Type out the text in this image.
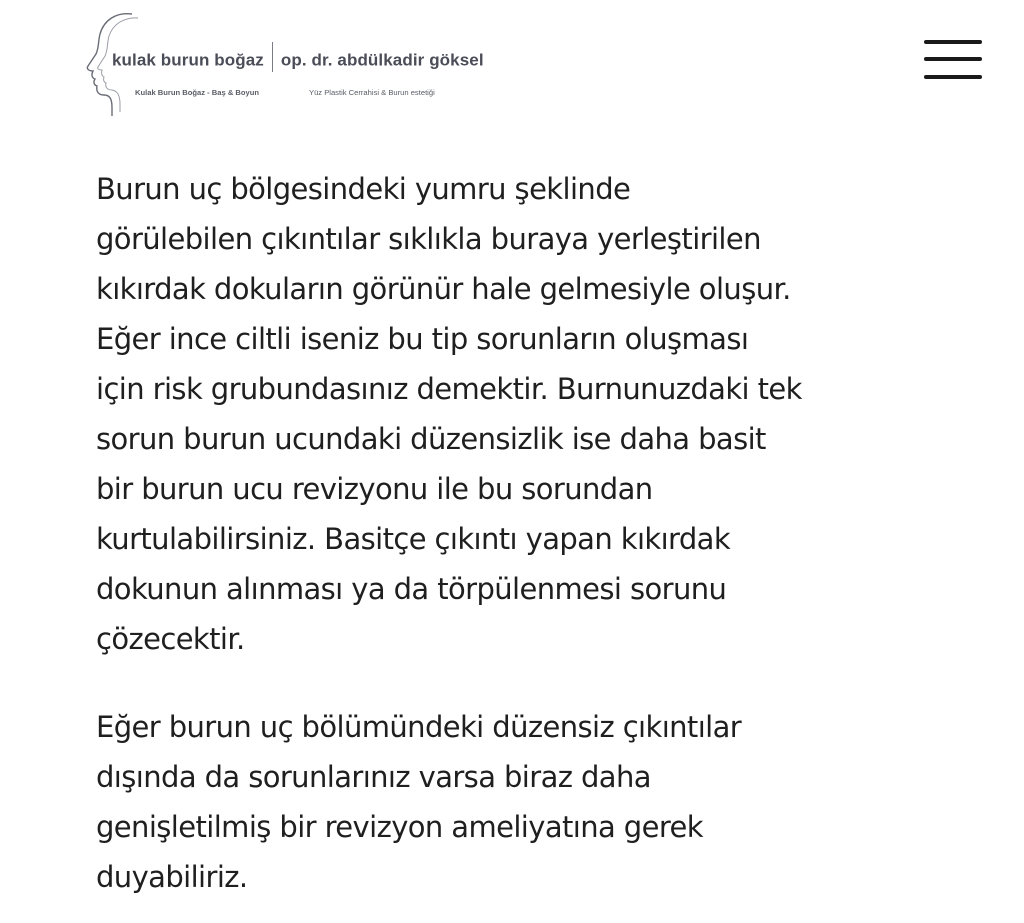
kulak burun boğaz op. dr. abdülkadir göksel
Kulak Burun Boğaz - Baş & Boyun	Yüz Plastik Cerrahisi & Burun estetiği

Burun uç bölgesindeki yumru şeklinde
görülebilen çıkıntılar sıklıkla buraya yerleştirilen
kıkırdak dokuların görünür hale gelmesiyle oluşur.
Eğer ince ciltli iseniz bu tip sorunların oluşması
için risk grubundasınız demektir. Burnunuzdaki tek
sorun burun ucundaki düzensizlik ise daha basit
bir burun ucu revizyonu ile bu sorundan
kurtulabilirsiniz. Basitçe çıkıntı yapan kıkırdak
dokunun alınması ya da törpülenmesi sorunu
çözecektir.

Eğer burun uç bölümündeki düzensiz çıkıntılar
dışında da sorunlarınız varsa biraz daha
genişletilmiş bir revizyon ameliyatına gerek
duyabiliriz.
